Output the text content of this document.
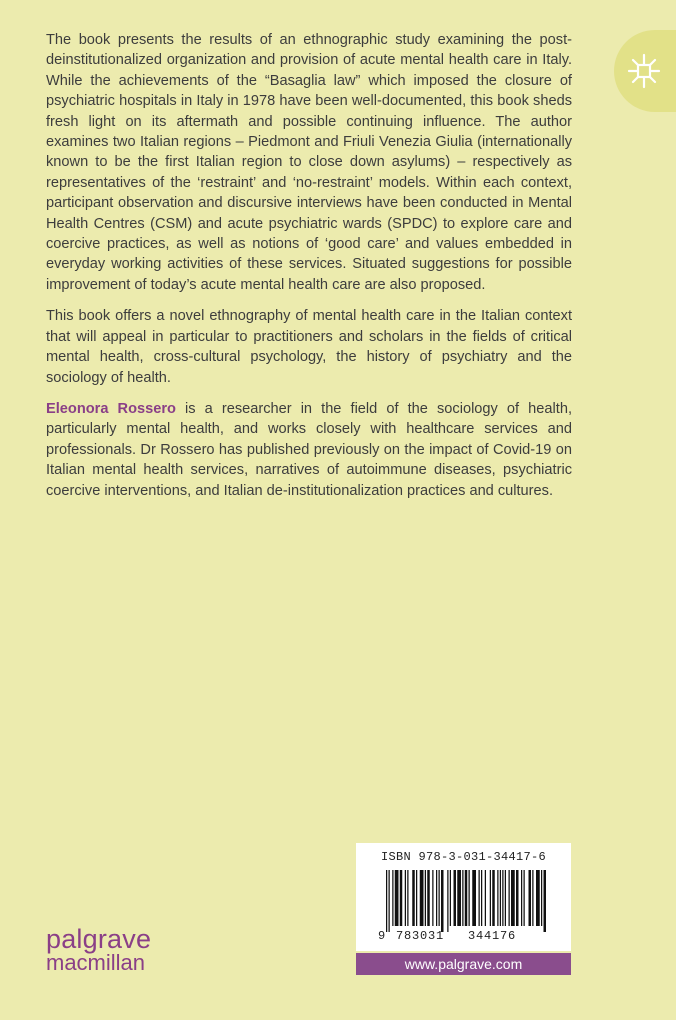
The book presents the results of an ethnographic study examining the post-deinstitutionalized organization and provision of acute mental health care in Italy. While the achievements of the “Basaglia law” which imposed the closure of psychiatric hospitals in Italy in 1978 have been well-documented, this book sheds fresh light on its aftermath and possible continuing influence. The author examines two Italian regions – Piedmont and Friuli Venezia Giulia (internationally known to be the first Italian region to close down asylums) – respectively as representatives of the ‘restraint’ and ‘no-restraint’ models. Within each context, participant observation and discursive interviews have been conducted in Mental Health Centres (CSM) and acute psychiatric wards (SPDC) to explore care and coercive practices, as well as notions of ‘good care’ and values embedded in everyday working activities of these services. Situated suggestions for possible improvement of today’s acute mental health care are also proposed.

This book offers a novel ethnography of mental health care in the Italian context that will appeal in particular to practitioners and scholars in the fields of critical mental health, cross-cultural psychology, the history of psychiatry and the sociology of health.

Eleonora Rossero is a researcher in the field of the sociology of health, particularly mental health, and works closely with healthcare services and professionals. Dr Rossero has published previously on the impact of Covid-19 on Italian mental health services, narratives of autoimmune diseases, psychiatric coercive interventions, and Italian de-institutionalization practices and cultures.

palgrave
macmillan
ISBN 978-3-031-34417-6
9 783031 344176
www.palgrave.com
